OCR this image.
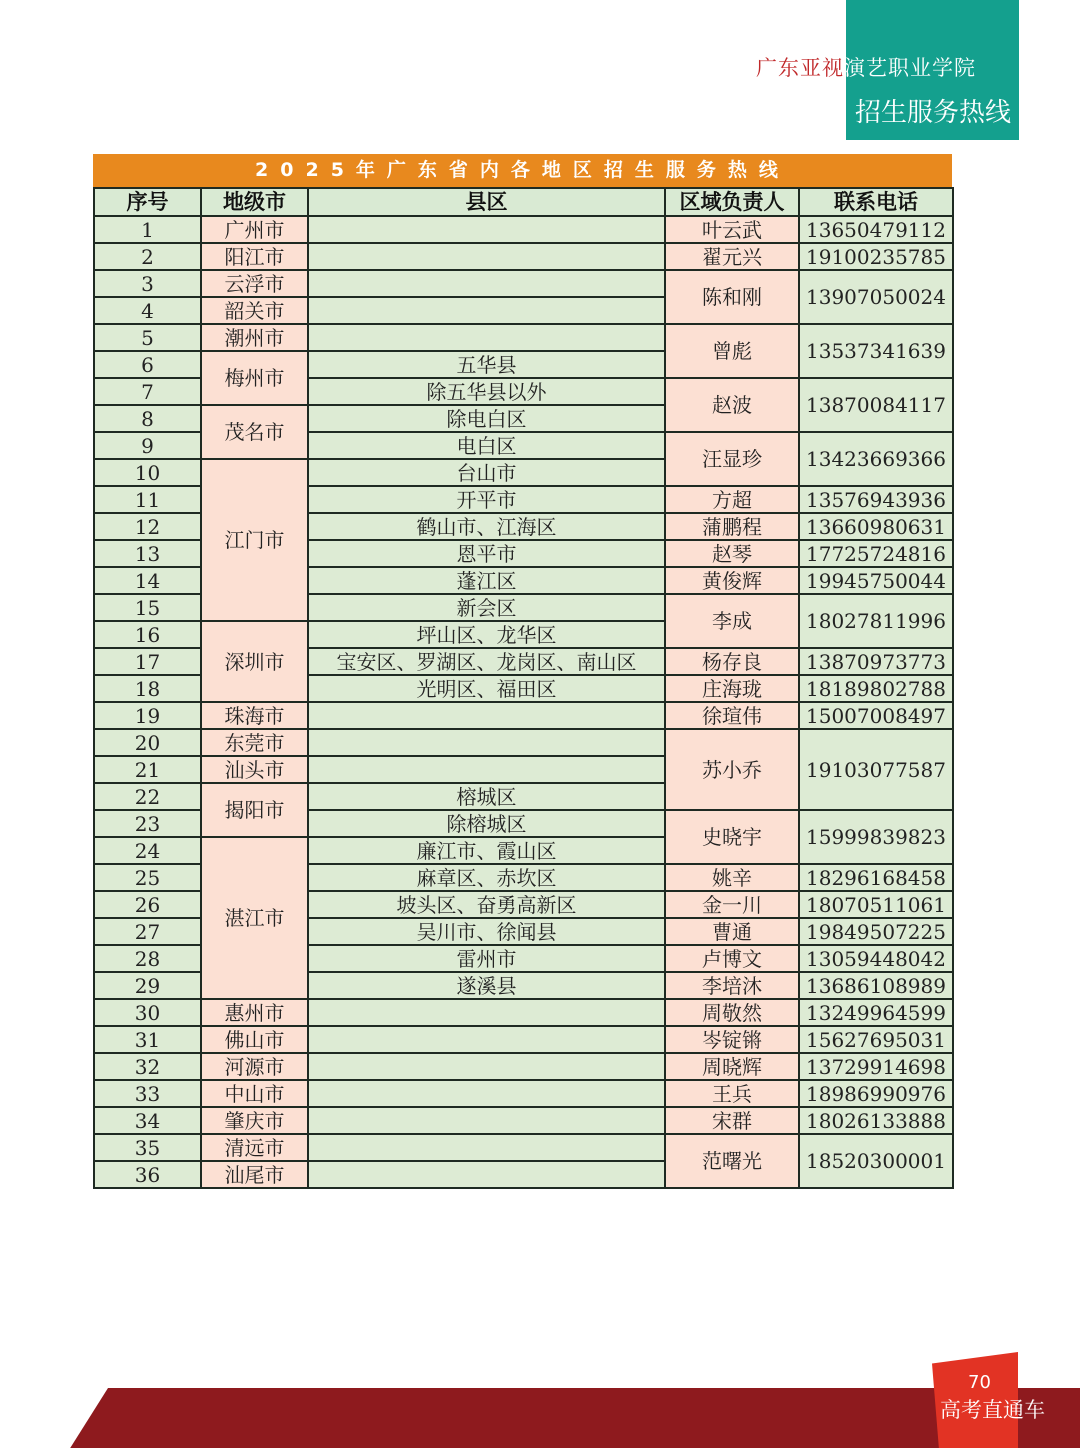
广东亚视演艺职业学院
招生服务热线
2025年广东省内各地区招生服务热线
序号	地级市	县区	区域负责人	联系电话
1	广州市		叶云武	13650479112
2	阳江市		翟元兴	19100235785
3	云浮市		陈和刚	13907050024
4	韶关市			
5	潮州市		曾彪	13537341639
6	梅州市	五华县		
7		除五华县以外	赵波	13870084117
8	茂名市	除电白区		
9		电白区	汪显珍	13423669366
10	江门市	台山市		
11		开平市	方超	13576943936
12		鹤山市、江海区	蒲鹏程	13660980631
13		恩平市	赵琴	17725724816

14		蓬江区	黄俊辉	19945750044

15		新会区	李成	18027811996
16	深圳市	坪山区、龙华区		
17		宝安区、罗湖区、龙岗区、南山区	杨存良	13870973773
18		光明区、福田区	庄海珑	18189802788
19	珠海市		徐瑄伟	15007008497
20	东莞市		苏小乔	19103077587
21	汕头市			
22	揭阳市	榕城区		
23		除榕城区	史晓宇	15999839823
24	湛江市	廉江市、霞山区		
25		麻章区、赤坎区	姚辛	18296168458
26		坡头区、奋勇高新区	金一川	18070511061
27		吴川市、徐闻县	曹通	19849507225
28		雷州市	卢博文	13059448042
29		遂溪县	李培沐	13686108989
30	惠州市		周敬然	13249964599
31	佛山市		岑锭锵	15627695031
32	河源市		周晓辉	13729914698
33	中山市		王兵	18986990976
34	肇庆市		宋群	18026133888
35	清远市		范曙光	18520300001
36	汕尾市			
70
高考直通车
